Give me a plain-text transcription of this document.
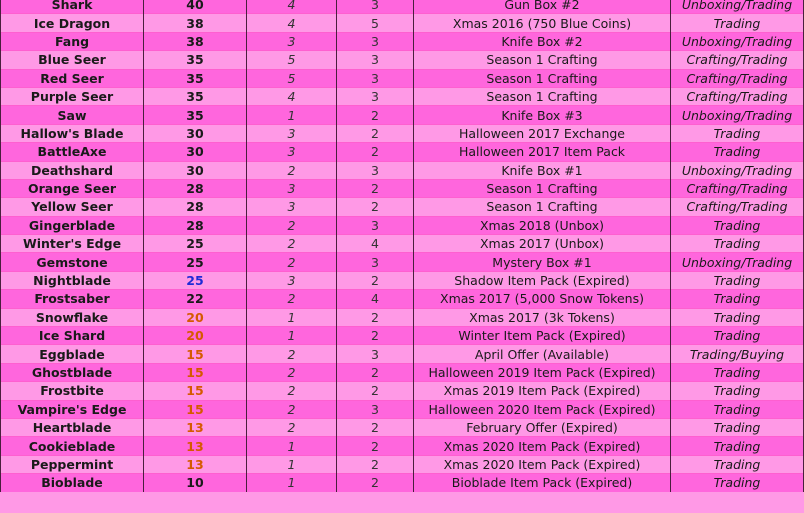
Shark	40	4	3	Gun Box #2	Unboxing/Trading
Ice Dragon	38	4	5	Xmas 2016 (750 Blue Coins)	Trading
Fang	38	3	3	Knife Box #2	Unboxing/Trading
Blue Seer	35	5	3	Season 1 Crafting	Crafting/Trading
Red Seer	35	5	3	Season 1 Crafting	Crafting/Trading
Purple Seer	35	4	3	Season 1 Crafting	Crafting/Trading
Saw	35	1	2	Knife Box #3	Unboxing/Trading
Hallow's Blade	30	3	2	Halloween 2017 Exchange	Trading
BattleAxe	30	3	2	Halloween 2017 Item Pack	Trading
Deathshard	30	2	3	Knife Box #1	Unboxing/Trading
Orange Seer	28	3	2	Season 1 Crafting	Crafting/Trading
Yellow Seer	28	3	2	Season 1 Crafting	Crafting/Trading
Gingerblade	28	2	3	Xmas 2018 (Unbox)	Trading
Winter's Edge	25	2	4	Xmas 2017 (Unbox)	Trading
Gemstone	25	2	3	Mystery Box #1	Unboxing/Trading
Nightblade	25	3	2	Shadow Item Pack (Expired)	Trading
Frostsaber	22	2	4	Xmas 2017 (5,000 Snow Tokens)	Trading
Snowflake	20	1	2	Xmas 2017 (3k Tokens)	Trading
Ice Shard	20	1	2	Winter Item Pack (Expired)	Trading
Eggblade	15	2	3	April Offer (Available)	Trading/Buying
Ghostblade	15	2	2	Halloween 2019 Item Pack (Expired)	Trading
Frostbite	15	2	2	Xmas 2019 Item Pack (Expired)	Trading
Vampire's Edge	15	2	3	Halloween 2020 Item Pack (Expired)	Trading
Heartblade	13	2	2	February Offer (Expired)	Trading
Cookieblade	13	1	2	Xmas 2020 Item Pack (Expired)	Trading
Peppermint	13	1	2	Xmas 2020 Item Pack (Expired)	Trading
Bioblade	10	1	2	Bioblade Item Pack (Expired)	Trading
